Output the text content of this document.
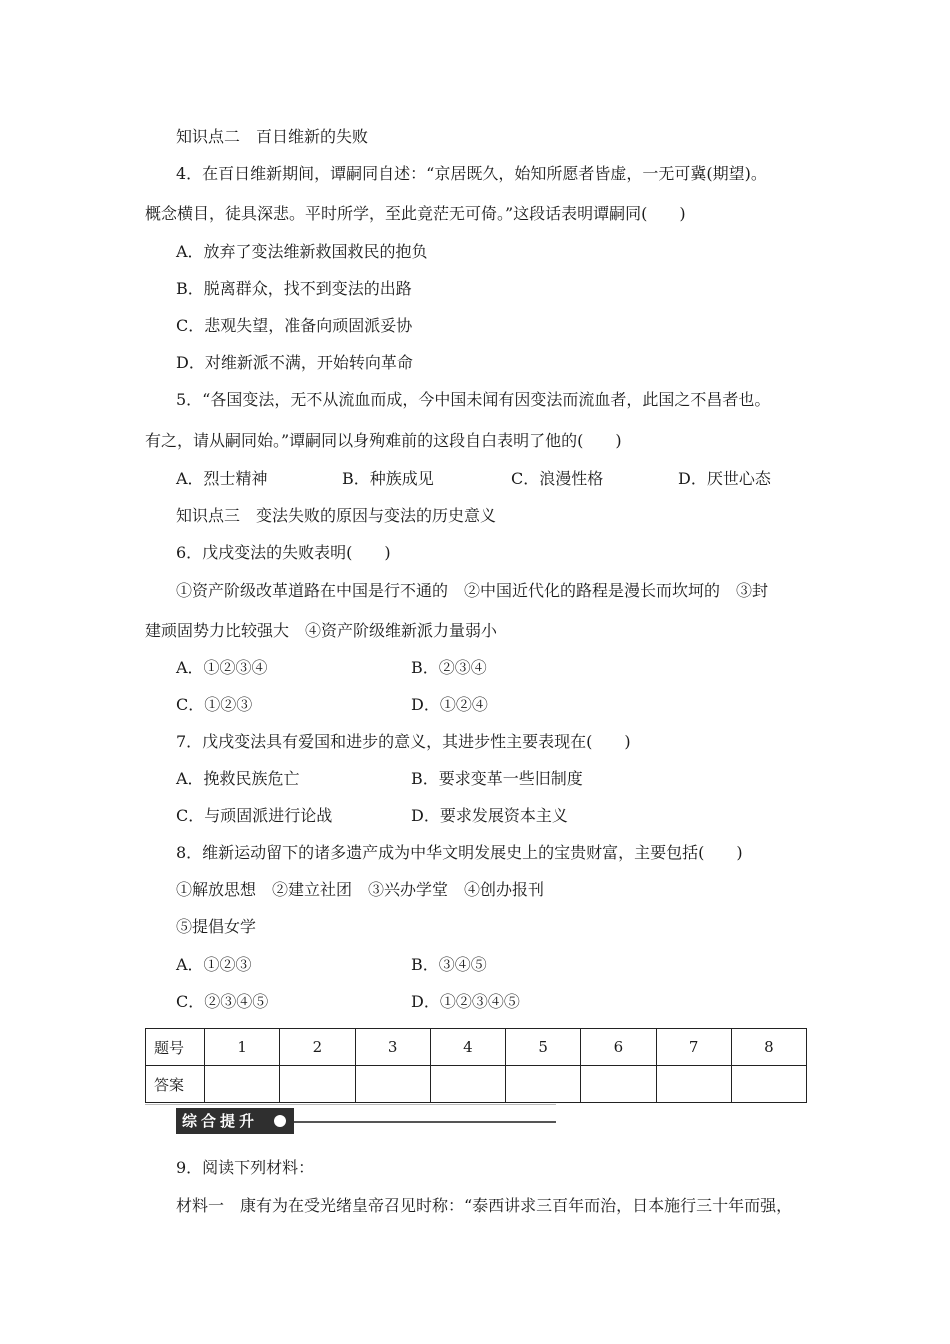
知识点二　百日维新的失败
4．在百日维新期间，谭嗣同自述：“京居既久，始知所愿者皆虚，一无可冀(期望)。
概念横目，徒具深悲。平时所学，至此竟茫无可倚。”这段话表明谭嗣同(　　)
A．放弃了变法维新救国救民的抱负
B．脱离群众，找不到变法的出路
C．悲观失望，准备向顽固派妥协
D．对维新派不满，开始转向革命
5．“各国变法，无不从流血而成，今中国未闻有因变法而流血者，此国之不昌者也。
有之，请从嗣同始。”谭嗣同以身殉难前的这段自白表明了他的(　　)
A．烈士精神	B．种族成见	C．浪漫性格	D．厌世心态
知识点三　变法失败的原因与变法的历史意义
6．戊戌变法的失败表明(　　)
①资产阶级改革道路在中国是行不通的　②中国近代化的路程是漫长而坎坷的　③封
建顽固势力比较强大　④资产阶级维新派力量弱小
A．①②③④	B．②③④
C．①②③	D．①②④
7．戊戌变法具有爱国和进步的意义，其进步性主要表现在(　　)
A．挽救民族危亡	B．要求变革一些旧制度
C．与顽固派进行论战	D．要求发展资本主义
8．维新运动留下的诸多遗产成为中华文明发展史上的宝贵财富，主要包括(　　)
①解放思想　②建立社团　③兴办学堂　④创办报刊
⑤提倡女学
A．①②③	B．③④⑤
C．②③④⑤	D．①②③④⑤
题号	1	2	3	4	5	6	7	8
答案								
综合提升
9．阅读下列材料：
材料一　康有为在受光绪皇帝召见时称：“泰西讲求三百年而治，日本施行三十年而强，
